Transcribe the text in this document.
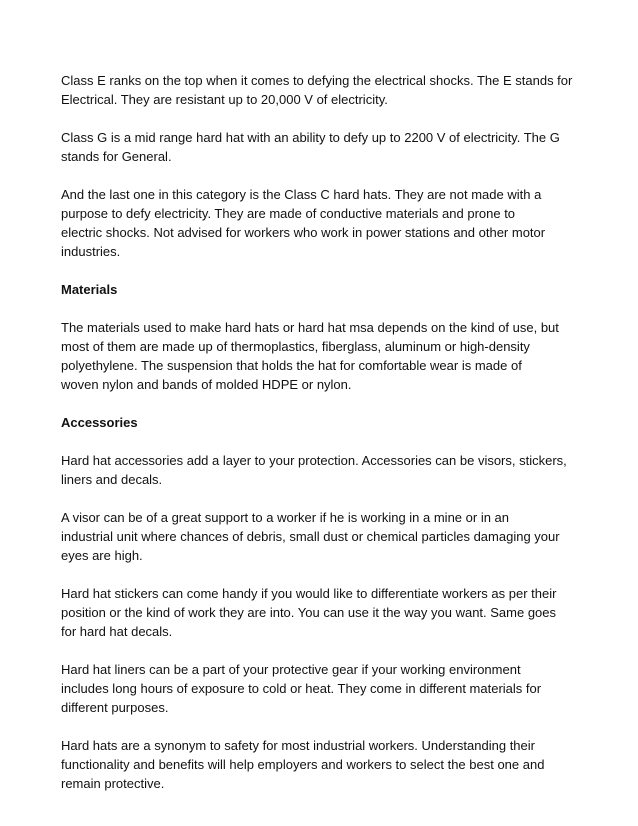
Class E ranks on the top when it comes to defying the electrical shocks. The E stands for
Electrical. They are resistant up to 20,000 V of electricity.
Class G is a mid range hard hat with an ability to defy up to 2200 V of electricity. The G
stands for General.
And the last one in this category is the Class C hard hats. They are not made with a
purpose to defy electricity. They are made of conductive materials and prone to
electric shocks. Not advised for workers who work in power stations and other motor
industries.
Materials
The materials used to make hard hats or hard hat msa depends on the kind of use, but
most of them are made up of thermoplastics, fiberglass, aluminum or high-density
polyethylene. The suspension that holds the hat for comfortable wear is made of
woven nylon and bands of molded HDPE or nylon.
Accessories
Hard hat accessories add a layer to your protection. Accessories can be visors, stickers,
liners and decals.
A visor can be of a great support to a worker if he is working in a mine or in an
industrial unit where chances of debris, small dust or chemical particles damaging your
eyes are high.
Hard hat stickers can come handy if you would like to differentiate workers as per their
position or the kind of work they are into. You can use it the way you want. Same goes
for hard hat decals.
Hard hat liners can be a part of your protective gear if your working environment
includes long hours of exposure to cold or heat. They come in different materials for
different purposes.
Hard hats are a synonym to safety for most industrial workers. Understanding their
functionality and benefits will help employers and workers to select the best one and
remain protective.
